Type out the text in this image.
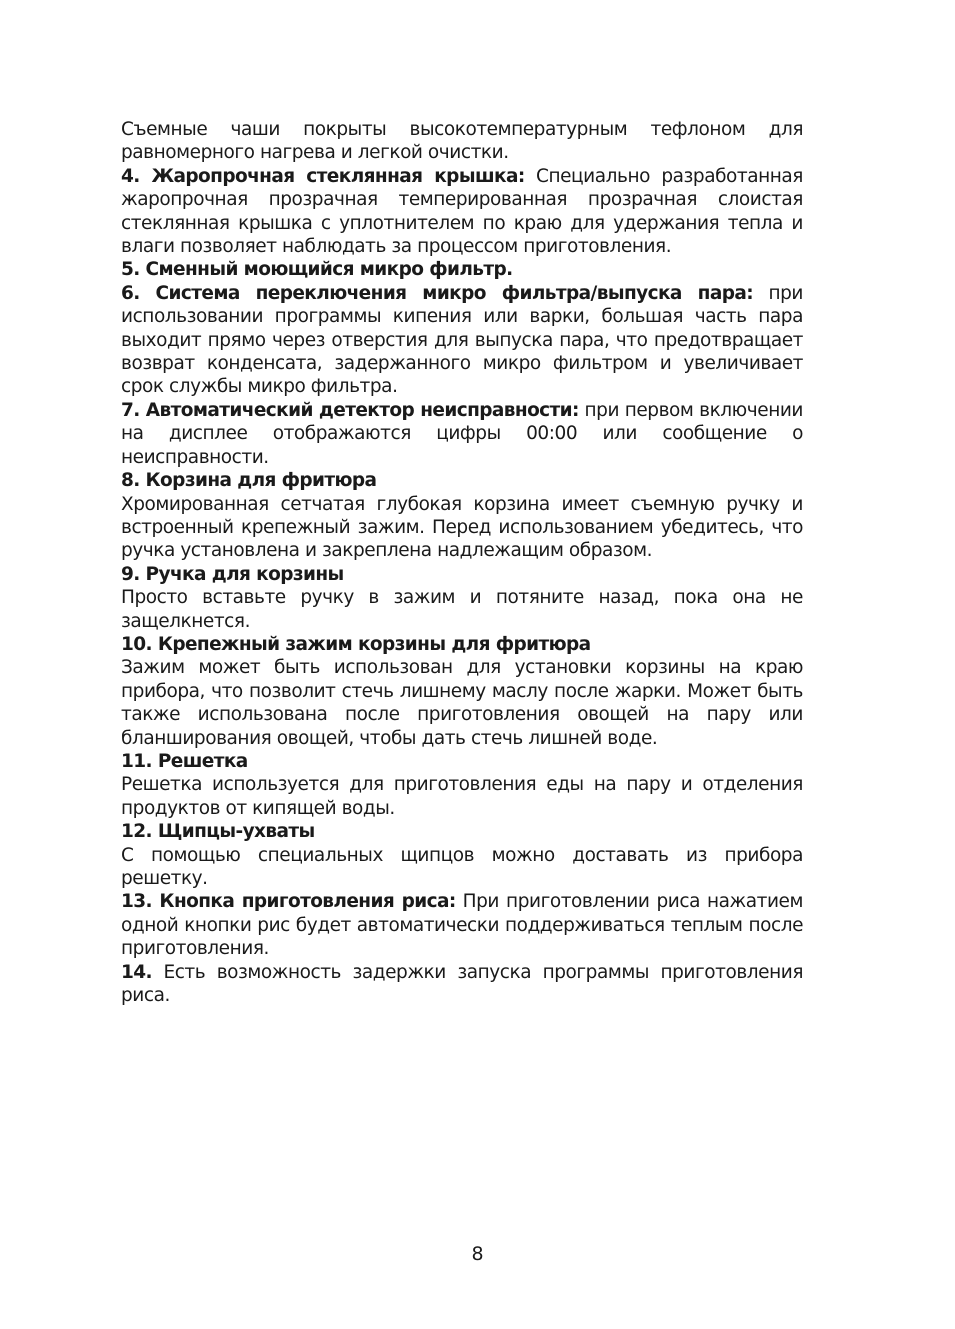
Съемные чаши покрыты высокотемпературным тефлоном для равномерного нагрева и легкой очистки.

4. Жаропрочная стеклянная крышка: Специально разработанная жаропрочная прозрачная темперированная прозрачная слоистая стеклянная крышка с уплотнителем по краю для удержания тепла и влаги позволяет наблюдать за процессом приготовления.

5. Сменный моющийся микро фильтр.

6. Система переключения микро фильтра/выпуска пара: при использовании программы кипения или варки, большая часть пара выходит прямо через отверстия для выпуска пара, что предотвращает возврат конденсата, задержанного микро фильтром и увеличивает срок службы микро фильтра.

7. Автоматический детектор неисправности: при первом включении на дисплее отображаются цифры 00:00 или сообщение о неисправности.

8. Корзина для фритюра

Хромированная сетчатая глубокая корзина имеет съемную ручку и встроенный крепежный зажим. Перед использованием убедитесь, что ручка установлена и закреплена надлежащим образом.

9. Ручка для корзины

Просто вставьте ручку в зажим и потяните назад, пока она не защелкнется.

10. Крепежный зажим корзины для фритюра

Зажим может быть использован для установки корзины на краю прибора, что позволит стечь лишнему маслу после жарки. Может быть также использована после приготовления овощей на пару или бланширования овощей, чтобы дать стечь лишней воде.

11. Решетка

Решетка используется для приготовления еды на пару и отделения продуктов от кипящей воды.

12. Щипцы-ухваты

С помощью специальных щипцов можно доставать из прибора решетку.

13. Кнопка приготовления риса: При приготовлении риса нажатием одной кнопки рис будет автоматически поддерживаться теплым после приготовления.

14. Есть возможность задержки запуска программы приготовления риса.

8
